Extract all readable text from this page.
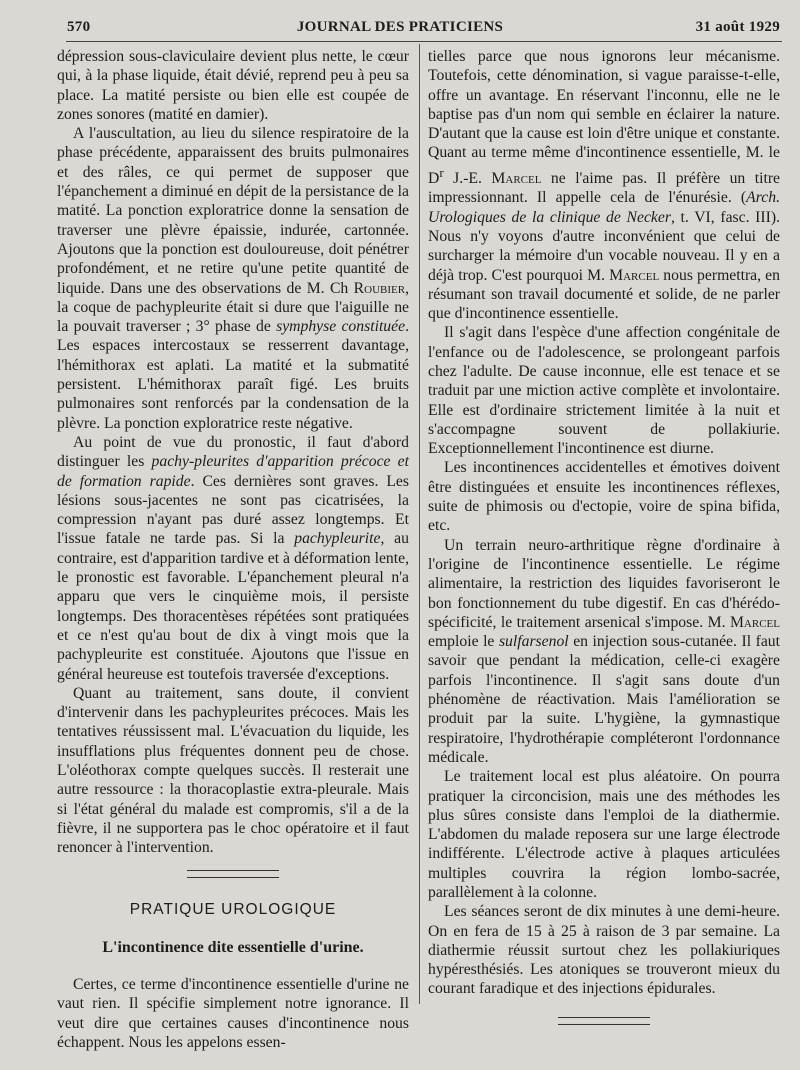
570	JOURNAL DES PRATICIENS	31 août 1929

dépression sous-claviculaire devient plus nette, le cœur qui, à la phase liquide, était dévié, reprend peu à peu sa place. La matité persiste ou bien elle est coupée de zones sonores (matité en damier).

A l'auscultation, au lieu du silence respiratoire de la phase précédente, apparaissent des bruits pulmonaires et des râles, ce qui permet de supposer que l'épanchement a diminué en dépit de la persistance de la matité. La ponction exploratrice donne la sensation de traverser une plèvre épaissie, indurée, cartonnée. Ajoutons que la ponction est douloureuse, doit pénétrer profondément, et ne retire qu'une petite quantité de liquide. Dans une des observations de M. Ch Roubier, la coque de pachypleurite était si dure que l'aiguille ne la pouvait traverser ; 3° phase de symphyse constituée. Les espaces intercostaux se resserrent davantage, l'hémithorax est aplati. La matité et la submatité persistent. L'hémithorax paraît figé. Les bruits pulmonaires sont renforcés par la condensation de la plèvre. La ponction exploratrice reste négative.

Au point de vue du pronostic, il faut d'abord distinguer les pachy-pleurites d'apparition précoce et de formation rapide. Ces dernières sont graves. Les lésions sous-jacentes ne sont pas cicatrisées, la compression n'ayant pas duré assez longtemps. Et l'issue fatale ne tarde pas. Si la pachypleurite, au contraire, est d'apparition tardive et à déformation lente, le pronostic est favorable. L'épanchement pleural n'a apparu que vers le cinquième mois, il persiste longtemps. Des thoracentèses répétées sont pratiquées et ce n'est qu'au bout de dix à vingt mois que la pachypleurite est constituée. Ajoutons que l'issue en général heureuse est toutefois traversée d'exceptions.

Quant au traitement, sans doute, il convient d'intervenir dans les pachypleurites précoces. Mais les tentatives réussissent mal. L'évacuation du liquide, les insufflations plus fréquentes donnent peu de chose. L'oléothorax compte quelques succès. Il resterait une autre ressource : la thoracoplastie extra-pleurale. Mais si l'état général du malade est compromis, s'il a de la fièvre, il ne supportera pas le choc opératoire et il faut renoncer à l'intervention.

PRATIQUE UROLOGIQUE
L'incontinence dite essentielle d'urine.

Certes, ce terme d'incontinence essentielle d'urine ne vaut rien. Il spécifie simplement notre ignorance. Il veut dire que certaines causes d'incontinence nous échappent. Nous les appelons essen-

tielles parce que nous ignorons leur mécanisme. Toutefois, cette dénomination, si vague paraisse-t-elle, offre un avantage. En réservant l'inconnu, elle ne le baptise pas d'un nom qui semble en éclairer la nature. D'autant que la cause est loin d'être unique et constante. Quant au terme même d'incontinence essentielle, M. le $D^r$ J.-E. Marcel ne l'aime pas. Il préfère un titre impressionnant. Il appelle cela de l'énurésie. (Arch. Urologiques de la clinique de Necker, t. VI, fasc. III). Nous n'y voyons d'autre inconvénient que celui de surcharger la mémoire d'un vocable nouveau. Il y en a déjà trop. C'est pourquoi M. Marcel nous permettra, en résumant son travail documenté et solide, de ne parler que d'incontinence essentielle.

Il s'agit dans l'espèce d'une affection congénitale de l'enfance ou de l'adolescence, se prolongeant parfois chez l'adulte. De cause inconnue, elle est tenace et se traduit par une miction active complète et involontaire. Elle est d'ordinaire strictement limitée à la nuit et s'accompagne souvent de pollakiurie. Exceptionnellement l'incontinence est diurne.

Les incontinences accidentelles et émotives doivent être distinguées et ensuite les incontinences réflexes, suite de phimosis ou d'ectopie, voire de spina bifida, etc.

Un terrain neuro-arthritique règne d'ordinaire à l'origine de l'incontinence essentielle. Le régime alimentaire, la restriction des liquides favoriseront le bon fonctionnement du tube digestif. En cas d'hérédo-spécificité, le traitement arsenical s'impose. M. Marcel emploie le sulfarsenol en injection sous-cutanée. Il faut savoir que pendant la médication, celle-ci exagère parfois l'incontinence. Il s'agit sans doute d'un phénomène de réactivation. Mais l'amélioration se produit par la suite. L'hygiène, la gymnastique respiratoire, l'hydrothérapie compléteront l'ordonnance médicale.

Le traitement local est plus aléatoire. On pourra pratiquer la circoncision, mais une des méthodes les plus sûres consiste dans l'emploi de la diathermie. L'abdomen du malade reposera sur une large électrode indifférente. L'électrode active à plaques articulées multiples couvrira la région lombo-sacrée, parallèlement à la colonne.

Les séances seront de dix minutes à une demi-heure. On en fera de 15 à 25 à raison de 3 par semaine. La diathermie réussit surtout chez les pollakiuriques hypéresthésiés. Les atoniques se trouveront mieux du courant faradique et des injections épidurales.
